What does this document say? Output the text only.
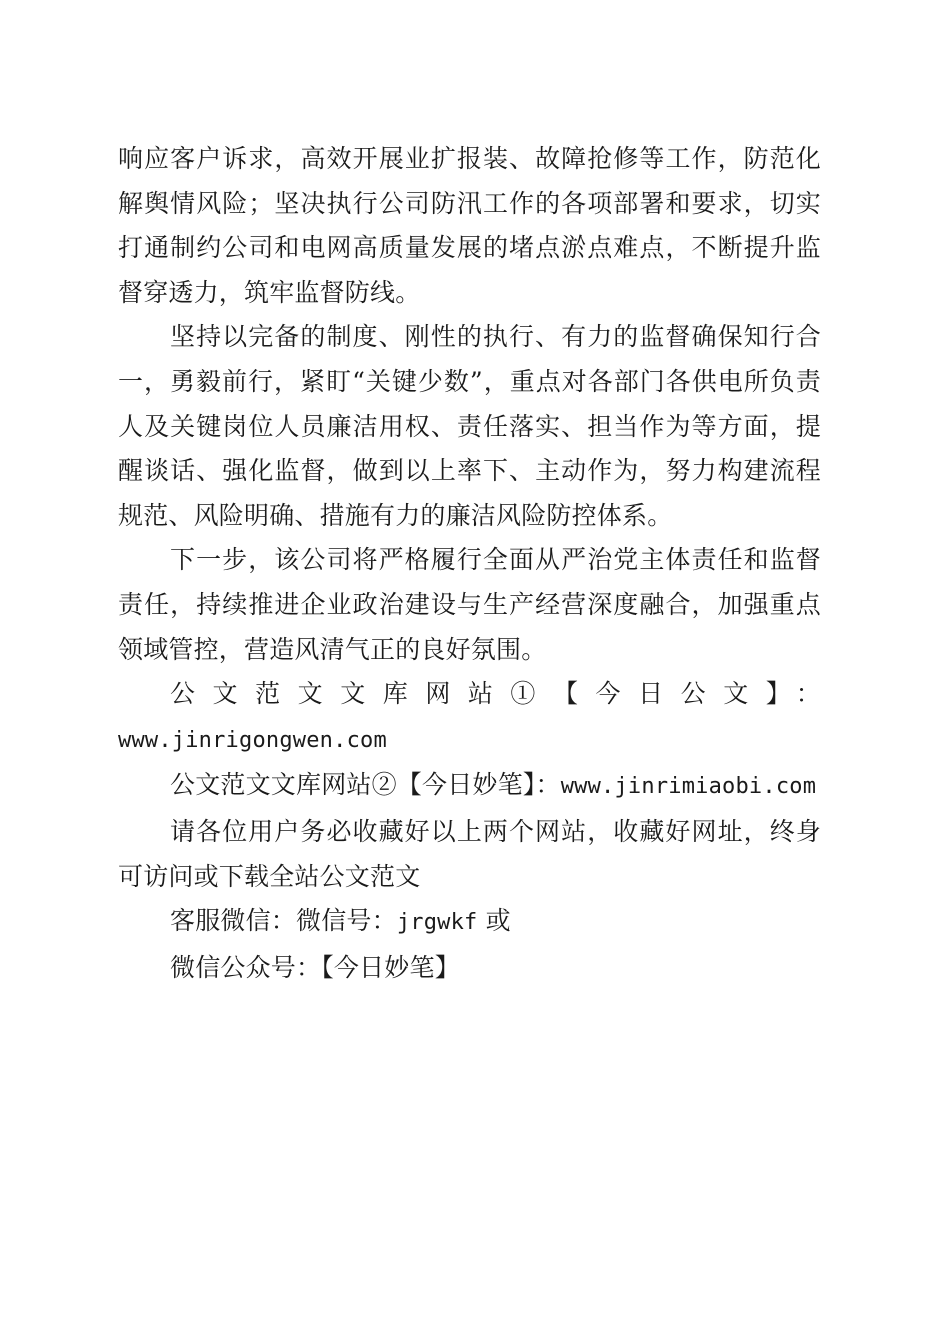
响应客户诉求，高效开展业扩报装、故障抢修等工作，防范化解舆情风险；坚决执行公司防汛工作的各项部署和要求，切实打通制约公司和电网高质量发展的堵点淤点难点，不断提升监督穿透力，筑牢监督防线。

坚持以完备的制度、刚性的执行、有力的监督确保知行合一，勇毅前行，紧盯“关键少数”，重点对各部门各供电所负责人及关键岗位人员廉洁用权、责任落实、担当作为等方面，提醒谈话、强化监督，做到以上率下、主动作为，努力构建流程规范、风险明确、措施有力的廉洁风险防控体系。

下一步，该公司将严格履行全面从严治党主体责任和监督责任，持续推进企业政治建设与生产经营深度融合，加强重点领域管控，营造风清气正的良好氛围。

公文范文文库网站①【今日公文】：

www.jinrigongwen.com

公文范文文库网站②【今日妙笔】：www.jinrimiaobi.com

请各位用户务必收藏好以上两个网站，收藏好网址，终身可访问或下载全站公文范文

客服微信：微信号：jrgwkf 或

微信公众号：【今日妙笔】
